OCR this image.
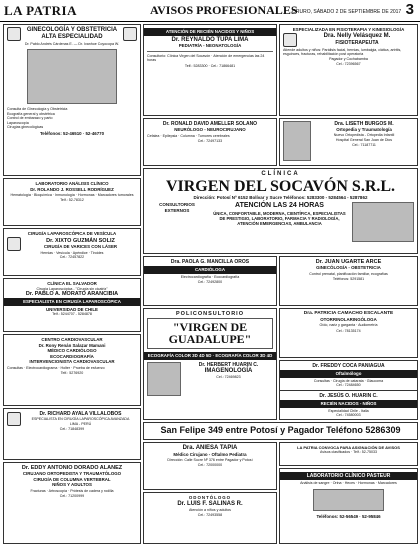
LA PATRIA	AVISOS PROFESIONALES
ORURO, SÁBADO 2 DE SEPTIEMBRE DE 2017 3
GINECOLOGÍA Y OBSTETRICIA ALTA ESPECIALIDAD
Dr. Pablo Andrés Cárdenas E. — Dr. Ivanhoe Coyocopa W.
Consulta de Ginecología y Obstetricia
Ecografía general y obstétrica
Control de embarazo y parto
Laparoscopía
Cirugías ginecológicas
Teléfonos: 52-46510 · 52-46770
LABORATORIO ANÁLISIS CLÍNICO
Dr. ROLANDO J. ROSSELL RODRÍGUEZ
Hematología · Bioquímica · Inmunología · Hormonas · Marcadores tumorales
Telf.: 52-78312
CIRUGÍA LAPAROSCÓPICA DE VESÍCULA
Dr. XIXTO GUZMÁN SOLIZ
CIRUGÍA DE VARICES CON LÁSER
Hernias · Vesícula · Apéndice · Tiroides
Cel.: 72457822
CLÍNICA EL SALVADOR
Cirugía Laparoscópica - "Cirugía sin cicatriz"
Dr. PABLO A. MORATO ARANCIBIA
ESPECIALISTA EN CIRUGÍA LAPAROSCÓPICA
UNIVERSIDAD DE CHILE
Telf.: 5244707 - 5284878
CENTRO CARDIOVASCULAR
Dr. Rony Renán Salazar Mamani
MÉDICO CARDIÓLOGO
ECOCARDIOGRAFÍA
INTERVENCIONISTA CARDIOVASCULAR
Consultas · Electrocardiograma · Holter · Prueba de esfuerzo
Telf.: 5276920
Dr. RICHARD AYALA VILLALOBOS
ESPECIALISTA EN CIRUGÍA LAPAROSCÓPICA AVANZADA
LIMA - PERÚ
Cel.: 71848399
Dr. EDDY ANTONIO DORADO ALANEZ
CIRUJANO ORTOPEDISTA Y TRAUMATÓLOGO
CIRUGÍA DE COLUMNA VERTEBRAL
NIÑOS Y ADULTOS
Fracturas · Artroscopía · Prótesis de cadera y rodilla
Cel.: 71200999
ATENCIÓN DE RECIÉN NACIDOS Y NIÑOS
Dr. REYNALDO TUPA LIMA
PEDIATRÍA - NEONATOLOGÍA
Consultorio: Clínica Virgen del Socavón · Atención de emergencias las 24 horas
Telf.: 5283300 · Cel.: 71866481
Dr. RONALD DAVID AMELLER SOLANO
NEURÓLOGO - NEUROCIRUJANO
Cefalea · Epilepsia · Columna · Tumores cerebrales
Cel.: 72497133
CLÍNICA
VIRGEN DEL SOCAVÓN S.R.L.
Dirección: Potosí Nº 6152 Bolívar y Sucre Teléfonos: 5283300 - 5284564 - 5287862
CONSULTORIOS EXTERNOS
ATENCIÓN LAS 24 HORAS
ÚNICA, CONFORTABLE, MODERNA, CIENTÍFICA, ESPECIALISTAS DE PRESTIGIO, LABORATORIO, FARMACIA Y RADIOLOGÍA, ATENCIÓN EMERGENCIAS, AMBULANCIA
Dra. PAOLA G. MANCILLA OROS
CARDIÓLOGA
Electrocardiografía · Ecocardiografía
Cel.: 72492800
POLICONSULTORIO
"VIRGEN DE GUADALUPE"
ECOGRAFÍA COLOR 3D 4D 5D · ECOGRAFÍA COLOR 3D 4D
Dr. HERBERT HUARIN C.
IMAGENOLOGÍA
Cel.: 72469823
San Felipe 349 entre Potosí y Pagador Teléfono 5286309
Dra. ANIESA TAPIA
Médico Cirujano - Oftalmo Pediatra
Dirección: Calle Sucre Nº 376 entre Pagador y Potosí
Cel.: 72000000
ODONTÓLOGO
Dr. LUIS F. SALINAS R.
Atención a niños y adultos
Cel.: 72493558
ESPECIALIZADA EN FISIOTERAPIA Y KINESIOLOGÍA
Dra. Nelly Velásquez M.
FISIOTERAPEUTA
Atiende adultos y niños: Parálisis facial, hernias, lumbalgia, ciática, artritis, esguinces, fracturas, rehabilitación post operatoria
Pagador y Cochabamba
Cel.: 72396567
Dra. LISETH BURGOS M.
Ortopedia y Traumatología
Nuevo Ortopedista - Ortopedia Infantil
Hospital General San Juan de Dios
Cel.: 71187711
Dr. JUAN UGARTE ARCE
GINECÓLOGÍA - OBSTETRICIA
Control prenatal, planificación familiar, ecografías
Teléfonos: 5291581
Dra. PATRICIA CAMACHO ESCALANTE
OTORRINOLARINGÓLOGA
Oído, nariz y garganta · Audiometría
Cel.: 78135174
Dr. FREDDY COCA PANIAGUA
Oftalmólogo
Consultas · Cirugía de catarata · Glaucoma
Cel.: 72484650
LA PATRIA CONVOCA PARA ASIGNACIÓN DE AVISOS
Avisos clasificados · Telf.: 52-75033
LABORATORIO CLÍNICO PASTEUR
Análisis de sangre · Orina · Heces · Hormonas · Marcadores
Teléfonos: 52-56549 · 52-95846
Dr. JESÚS O. HUARIN C.
RECIÉN NACIDOS - NIÑOS
Especialidad Chile - Italia
Cel.: 74580003
